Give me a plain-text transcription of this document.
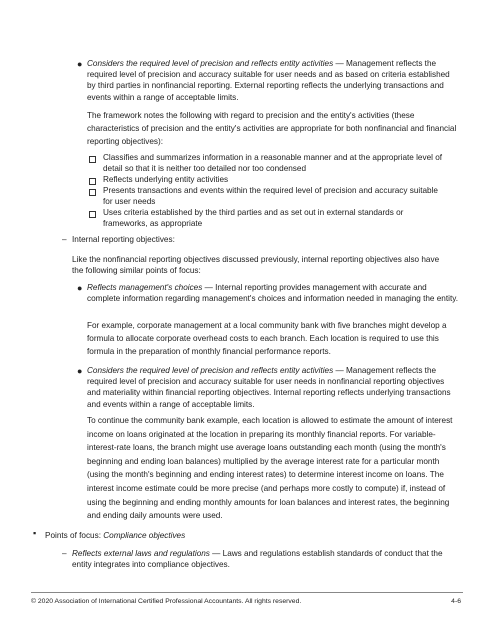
● Considers the required level of precision and reflects entity activities — Management reflects the required level of precision and accuracy suitable for user needs and as based on criteria established by third parties in nonfinancial reporting. External reporting reflects the underlying transactions and events within a range of acceptable limits.

The framework notes the following with regard to precision and the entity's activities (these characteristics of precision and the entity's activities are appropriate for both nonfinancial and financial reporting objectives):

Classifies and summarizes information in a reasonable manner and at the appropriate level of detail so that it is neither too detailed nor too condensed

Reflects underlying entity activities

Presents transactions and events within the required level of precision and accuracy suitable for user needs

Uses criteria established by the third parties and as set out in external standards or frameworks, as appropriate

– Internal reporting objectives:

Like the nonfinancial reporting objectives discussed previously, internal reporting objectives also have the following similar points of focus:

● Reflects management's choices — Internal reporting provides management with accurate and complete information regarding management's choices and information needed in managing the entity.

For example, corporate management at a local community bank with five branches might develop a formula to allocate corporate overhead costs to each branch. Each location is required to use this formula in the preparation of monthly financial performance reports.

● Considers the required level of precision and reflects entity activities — Management reflects the required level of precision and accuracy suitable for user needs in nonfinancial reporting objectives and materiality within financial reporting objectives. Internal reporting reflects underlying transactions and events within a range of acceptable limits.

To continue the community bank example, each location is allowed to estimate the amount of interest income on loans originated at the location in preparing its monthly financial reports. For variable-interest-rate loans, the branch might use average loans outstanding each month (using the month's beginning and ending loan balances) multiplied by the average interest rate for a particular month (using the month's beginning and ending interest rates) to determine interest income on loans. The interest income estimate could be more precise (and perhaps more costly to compute) if, instead of using the beginning and ending monthly amounts for loan balances and interest rates, the beginning and ending daily amounts were used.

▪ Points of focus: Compliance objectives

– Reflects external laws and regulations — Laws and regulations establish standards of conduct that the entity integrates into compliance objectives.

© 2020 Association of International Certified Professional Accountants. All rights reserved.	4-6
